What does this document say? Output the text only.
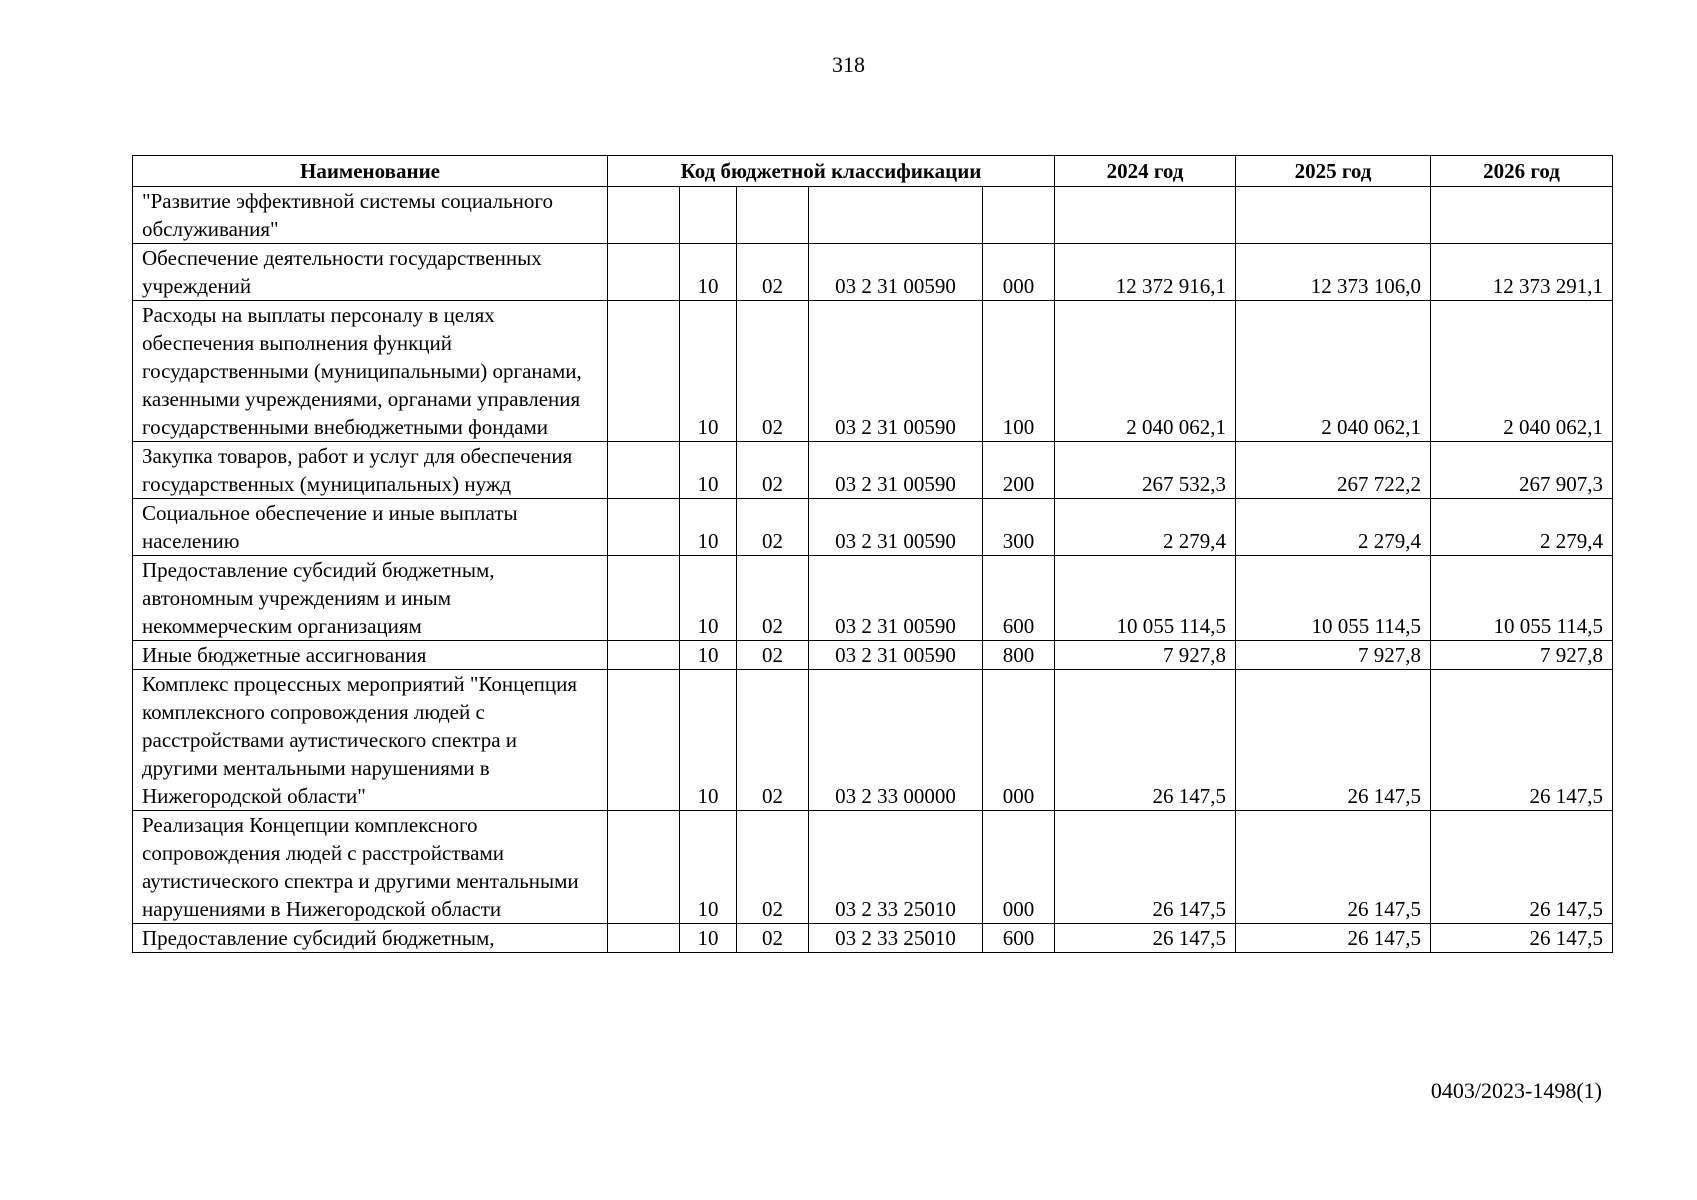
318
Наименование	Код бюджетной классификации					2024 год	2025 год	2026 год
"Развитие эффективной системы социального обслуживания"								
Обеспечение деятельности государственных учреждений		10	02	03 2 31 00590	000	12 372 916,1	12 373 106,0	12 373 291,1
Расходы на выплаты персоналу в целях обеспечения выполнения функций государственными (муниципальными) органами, казенными учреждениями, органами управления государственными внебюджетными фондами		10	02	03 2 31 00590	100	2 040 062,1	2 040 062,1	2 040 062,1
Закупка товаров, работ и услуг для обеспечения государственных (муниципальных) нужд		10	02	03 2 31 00590	200	267 532,3	267 722,2	267 907,3
Социальное обеспечение и иные выплаты населению		10	02	03 2 31 00590	300	2 279,4	2 279,4	2 279,4
Предоставление субсидий бюджетным, автономным учреждениям и иным некоммерческим организациям		10	02	03 2 31 00590	600	10 055 114,5	10 055 114,5	10 055 114,5
Иные бюджетные ассигнования		10	02	03 2 31 00590	800	7 927,8	7 927,8	7 927,8
Комплекс процессных мероприятий "Концепция комплексного сопровождения людей с расстройствами аутистического спектра и другими ментальными нарушениями в Нижегородской области"		10	02	03 2 33 00000	000	26 147,5	26 147,5	26 147,5
Реализация Концепции комплексного сопровождения людей с расстройствами аутистического спектра и другими ментальными нарушениями в Нижегородской области		10	02	03 2 33 25010	000	26 147,5	26 147,5	26 147,5
Предоставление субсидий бюджетным,		10	02	03 2 33 25010	600	26 147,5	26 147,5	26 147,5
0403/2023-1498(1)
